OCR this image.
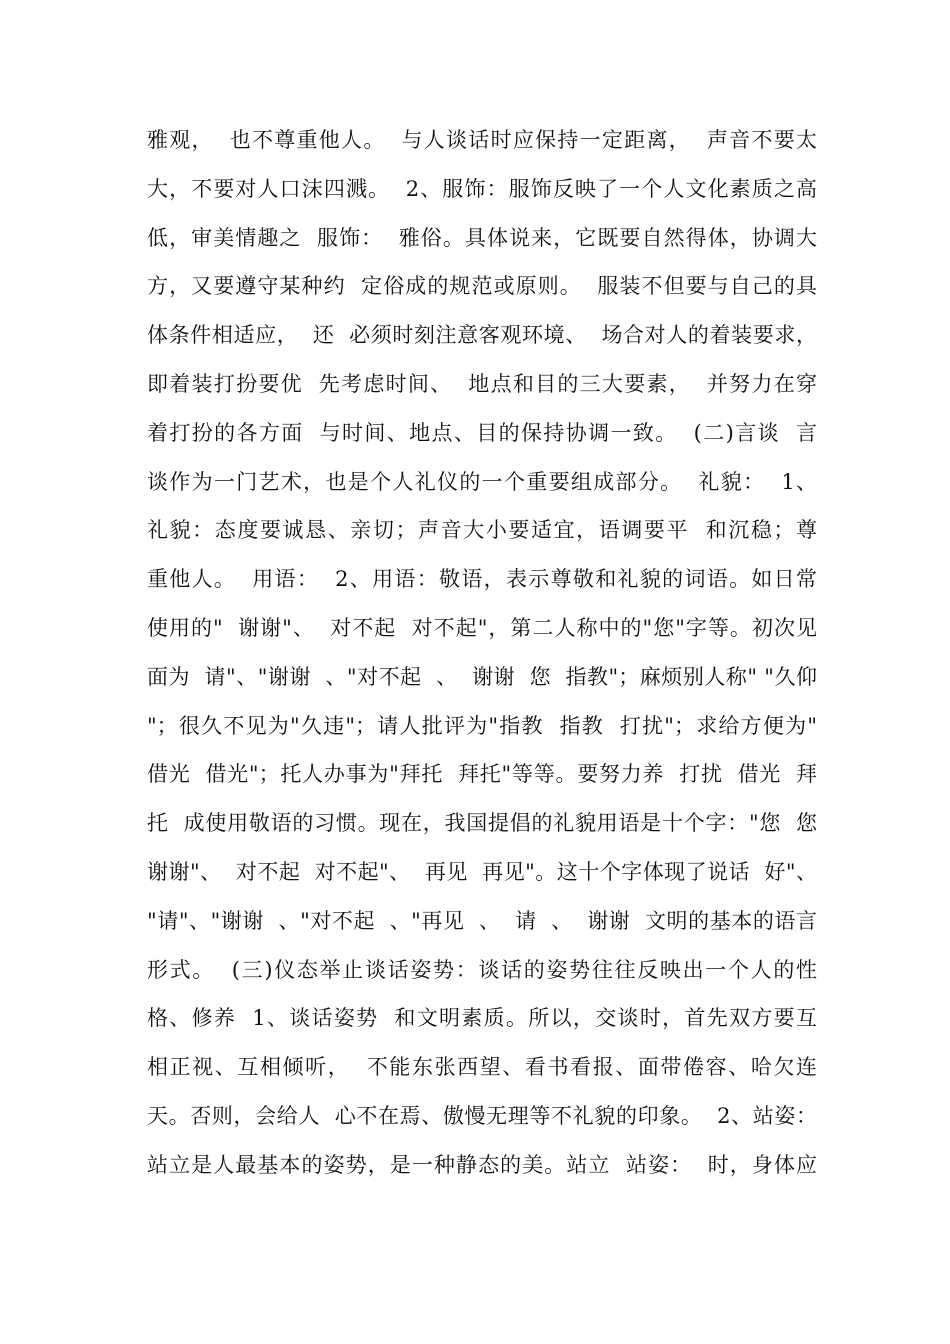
雅观，  也不尊重他人。  与人谈话时应保持一定距离，  声音不要太
大，不要对人口沫四溅。  2、服饰：服饰反映了一个人文化素质之高
低，审美情趣之  服饰：  雅俗。具体说来，它既要自然得体，协调大
方，又要遵守某种约  定俗成的规范或原则。  服装不但要与自己的具
体条件相适应，  还  必须时刻注意客观环境、  场合对人的着装要求，
即着装打扮要优  先考虑时间、  地点和目的三大要素，  并努力在穿
着打扮的各方面  与时间、地点、目的保持协调一致。  (二)言谈  言
谈作为一门艺术，也是个人礼仪的一个重要组成部分。  礼貌：  1、
礼貌：态度要诚恳、亲切；声音大小要适宜，语调要平  和沉稳；尊
重他人。  用语：  2、用语：敬语，表示尊敬和礼貌的词语。如日常
使用的"  谢谢"、  对不起  对不起"，第二人称中的"您"字等。初次见
面为  请"、"谢谢  、"对不起  、  谢谢  您  指教"；麻烦别人称" "久仰
"；很久不见为"久违"；请人批评为"指教  指教  打扰"；求给方便为"
借光  借光"；托人办事为"拜托  拜托"等等。要努力养  打扰  借光  拜
托  成使用敬语的习惯。现在，我国提倡的礼貌用语是十个字："您  您
谢谢"、  对不起  对不起"、  再见  再见"。这十个字体现了说话  好"、
"请"、"谢谢  、"对不起  、"再见  、  请  、  谢谢  文明的基本的语言
形式。  (三)仪态举止谈话姿势：谈话的姿势往往反映出一个人的性
格、修养  1、谈话姿势  和文明素质。所以，交谈时，首先双方要互
相正视、互相倾听，  不能东张西望、看书看报、面带倦容、哈欠连
天。否则，会给人  心不在焉、傲慢无理等不礼貌的印象。  2、站姿：
站立是人最基本的姿势，是一种静态的美。站立  站姿：  时，身体应
